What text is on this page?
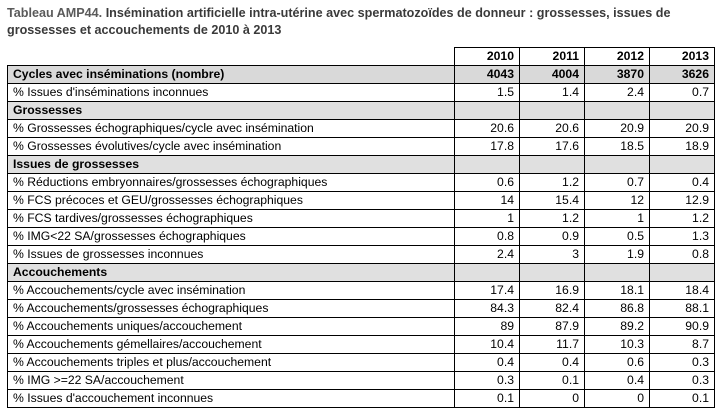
Tableau AMP44. Insémination artificielle intra-utérine avec spermatozoïdes de donneur : grossesses, issues de grossesses et accouchements de 2010 à 2013
	2010	2011	2012	2013
Cycles avec inséminations (nombre)	4043	4004	3870	3626
% Issues d'inséminations inconnues	1.5	1.4	2.4	0.7
Grossesses				
% Grossesses échographiques/cycle avec insémination	20.6	20.6	20.9	20.9
% Grossesses évolutives/cycle avec insémination	17.8	17.6	18.5	18.9
Issues de grossesses				
% Réductions embryonnaires/grossesses échographiques	0.6	1.2	0.7	0.4
% FCS précoces et GEU/grossesses échographiques	14	15.4	12	12.9
% FCS tardives/grossesses échographiques	1	1.2	1	1.2
% IMG<22 SA/grossesses échographiques	0.8	0.9	0.5	1.3
% Issues de grossesses inconnues	2.4	3	1.9	0.8
Accouchements				
% Accouchements/cycle avec insémination	17.4	16.9	18.1	18.4
% Accouchements/grossesses échographiques	84.3	82.4	86.8	88.1
% Accouchements uniques/accouchement	89	87.9	89.2	90.9
% Accouchements gémellaires/accouchement	10.4	11.7	10.3	8.7
% Accouchements triples et plus/accouchement	0.4	0.4	0.6	0.3
% IMG >=22 SA/accouchement	0.3	0.1	0.4	0.3
% Issues d'accouchement inconnues	0.1	0	0	0.1
